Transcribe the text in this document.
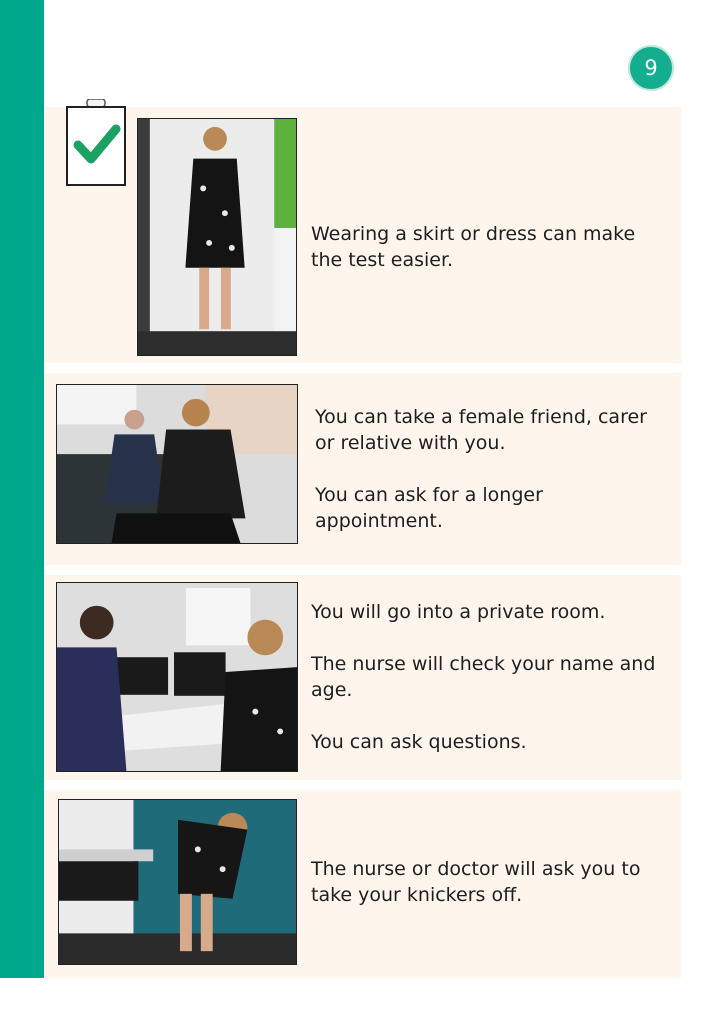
9

Wearing a skirt or dress can make

the test easier.

You can take a female friend, carer

or relative with you.

You can ask for a longer

appointment.

You will go into a private room.

The nurse will check your name and

age.

You can ask questions.

The nurse or doctor will ask you to

take your knickers off.
